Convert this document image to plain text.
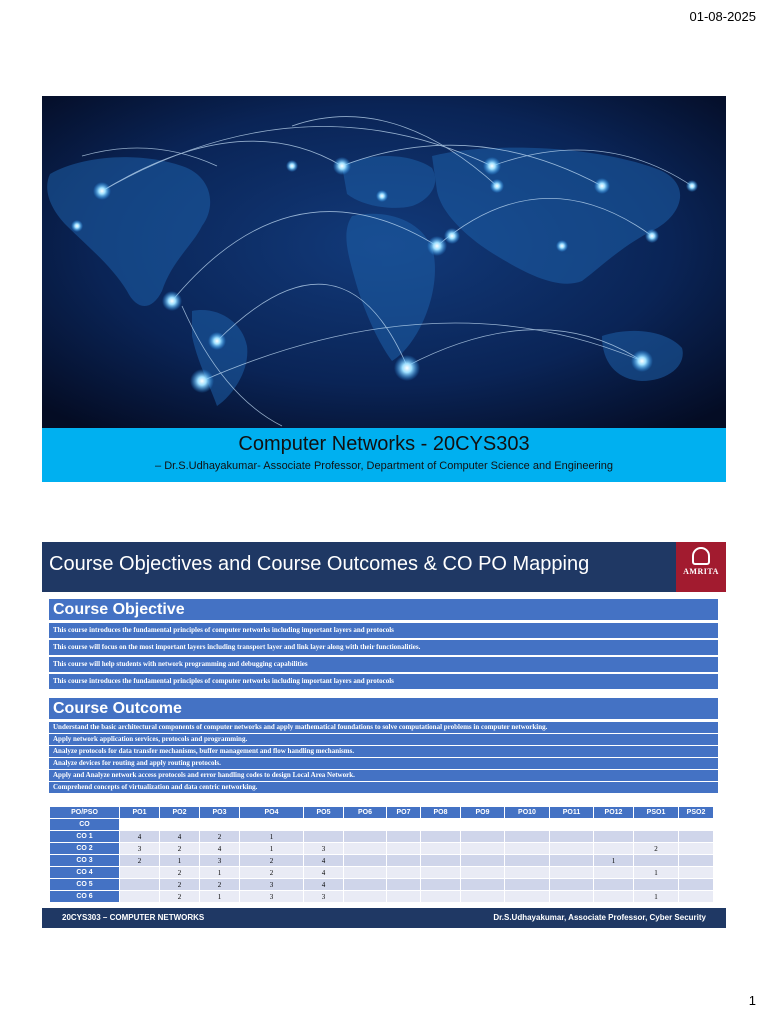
01-08-2025
Computer Networks - 20CYS303
– Dr.S.Udhayakumar- Associate Professor, Department of Computer Science and Engineering
Course Objectives and Course Outcomes & CO PO Mapping	AMRITA
Course Objective
This course introduces the fundamental principles of computer networks including important layers and protocols
This course will focus on the most important layers including transport layer and link layer along with their functionalities.
This course will help students with network programming and debugging capabilities
This course introduces the fundamental principles of computer networks including important layers and protocols
Course Outcome
Understand the basic architectural components of computer networks and apply mathematical foundations to solve computational problems in computer networking.
Apply network application services, protocols and programming.
Analyze protocols for data transfer mechanisms, buffer management and flow handling mechanisms.
Analyze devices for routing and apply routing protocols.
Apply and Analyze network access protocols and error handling codes to design Local Area Network.
Comprehend concepts of virtualization and data centric networking.
PO/PSO	PO1	PO2	PO3	PO4	PO5	PO6	PO7	PO8	PO9	PO10	PO11	PO12	PSO1	PSO2
CO														
CO 1	4	4	2	1										
CO 2	3	2	4	1	3								2	
CO 3	2	1	3	2	4							1		
CO 4		2	1	2	4								1	
CO 5		2	2	3	4									
CO 6		2	1	3	3								1	
20CYS303 – COMPUTER NETWORKS	Dr.S.Udhayakumar, Associate Professor, Cyber Security
1
